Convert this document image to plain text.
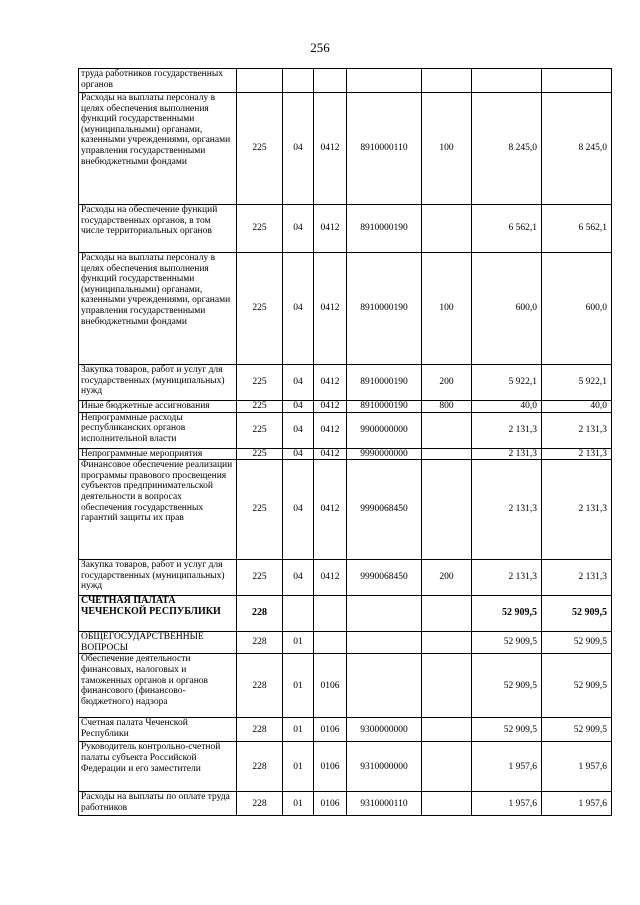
256
труда работников государственных органов							
Расходы на выплаты персоналу в целях обеспечения выполнения функций государственными (муниципальными) органами, казенными учреждениями, органами управления государственными внебюджетными фондами	225	04	0412	8910000110	100	8 245,0	8 245,0
Расходы на обеспечение функций государственных органов, в том числе территориальных органов	225	04	0412	8910000190		6 562,1	6 562,1
Расходы на выплаты персоналу в целях обеспечения выполнения функций государственными (муниципальными) органами, казенными учреждениями, органами управления государственными внебюджетными фондами	225	04	0412	8910000190	100	600,0	600,0
Закупка товаров, работ и услуг для государственных (муниципальных) нужд	225	04	0412	8910000190	200	5 922,1	5 922,1
Иные бюджетные ассигнования	225	04	0412	8910000190	800	40,0	40,0
Непрограммные расходы республиканских органов исполнительной власти	225	04	0412	9900000000		2 131,3	2 131,3
Непрограммные мероприятия	225	04	0412	9990000000		2 131,3	2 131,3
Финансовое обеспечение реализации программы правового просвещения субъектов предпринимательской деятельности в вопросах обеспечения государственных гарантий защиты их прав	225	04	0412	9990068450		2 131,3	2 131,3
Закупка товаров, работ и услуг для государственных (муниципальных) нужд	225	04	0412	9990068450	200	2 131,3	2 131,3
СЧЕТНАЯ ПАЛАТА ЧЕЧЕНСКОЙ РЕСПУБЛИКИ	228					52 909,5	52 909,5
ОБЩЕГОСУДАРСТВЕННЫЕ ВОПРОСЫ	228	01				52 909,5	52 909,5
Обеспечение деятельности финансовых, налоговых и таможенных органов и органов финансового (финансово-бюджетного) надзора	228	01	0106			52 909,5	52 909,5
Счетная палата Чеченской Республики	228	01	0106	9300000000		52 909,5	52 909,5
Руководитель контрольно-счетной палаты субъекта Российской Федерации и его заместители	228	01	0106	9310000000		1 957,6	1 957,6
Расходы на выплаты по оплате труда работников	228	01	0106	9310000110		1 957,6	1 957,6
